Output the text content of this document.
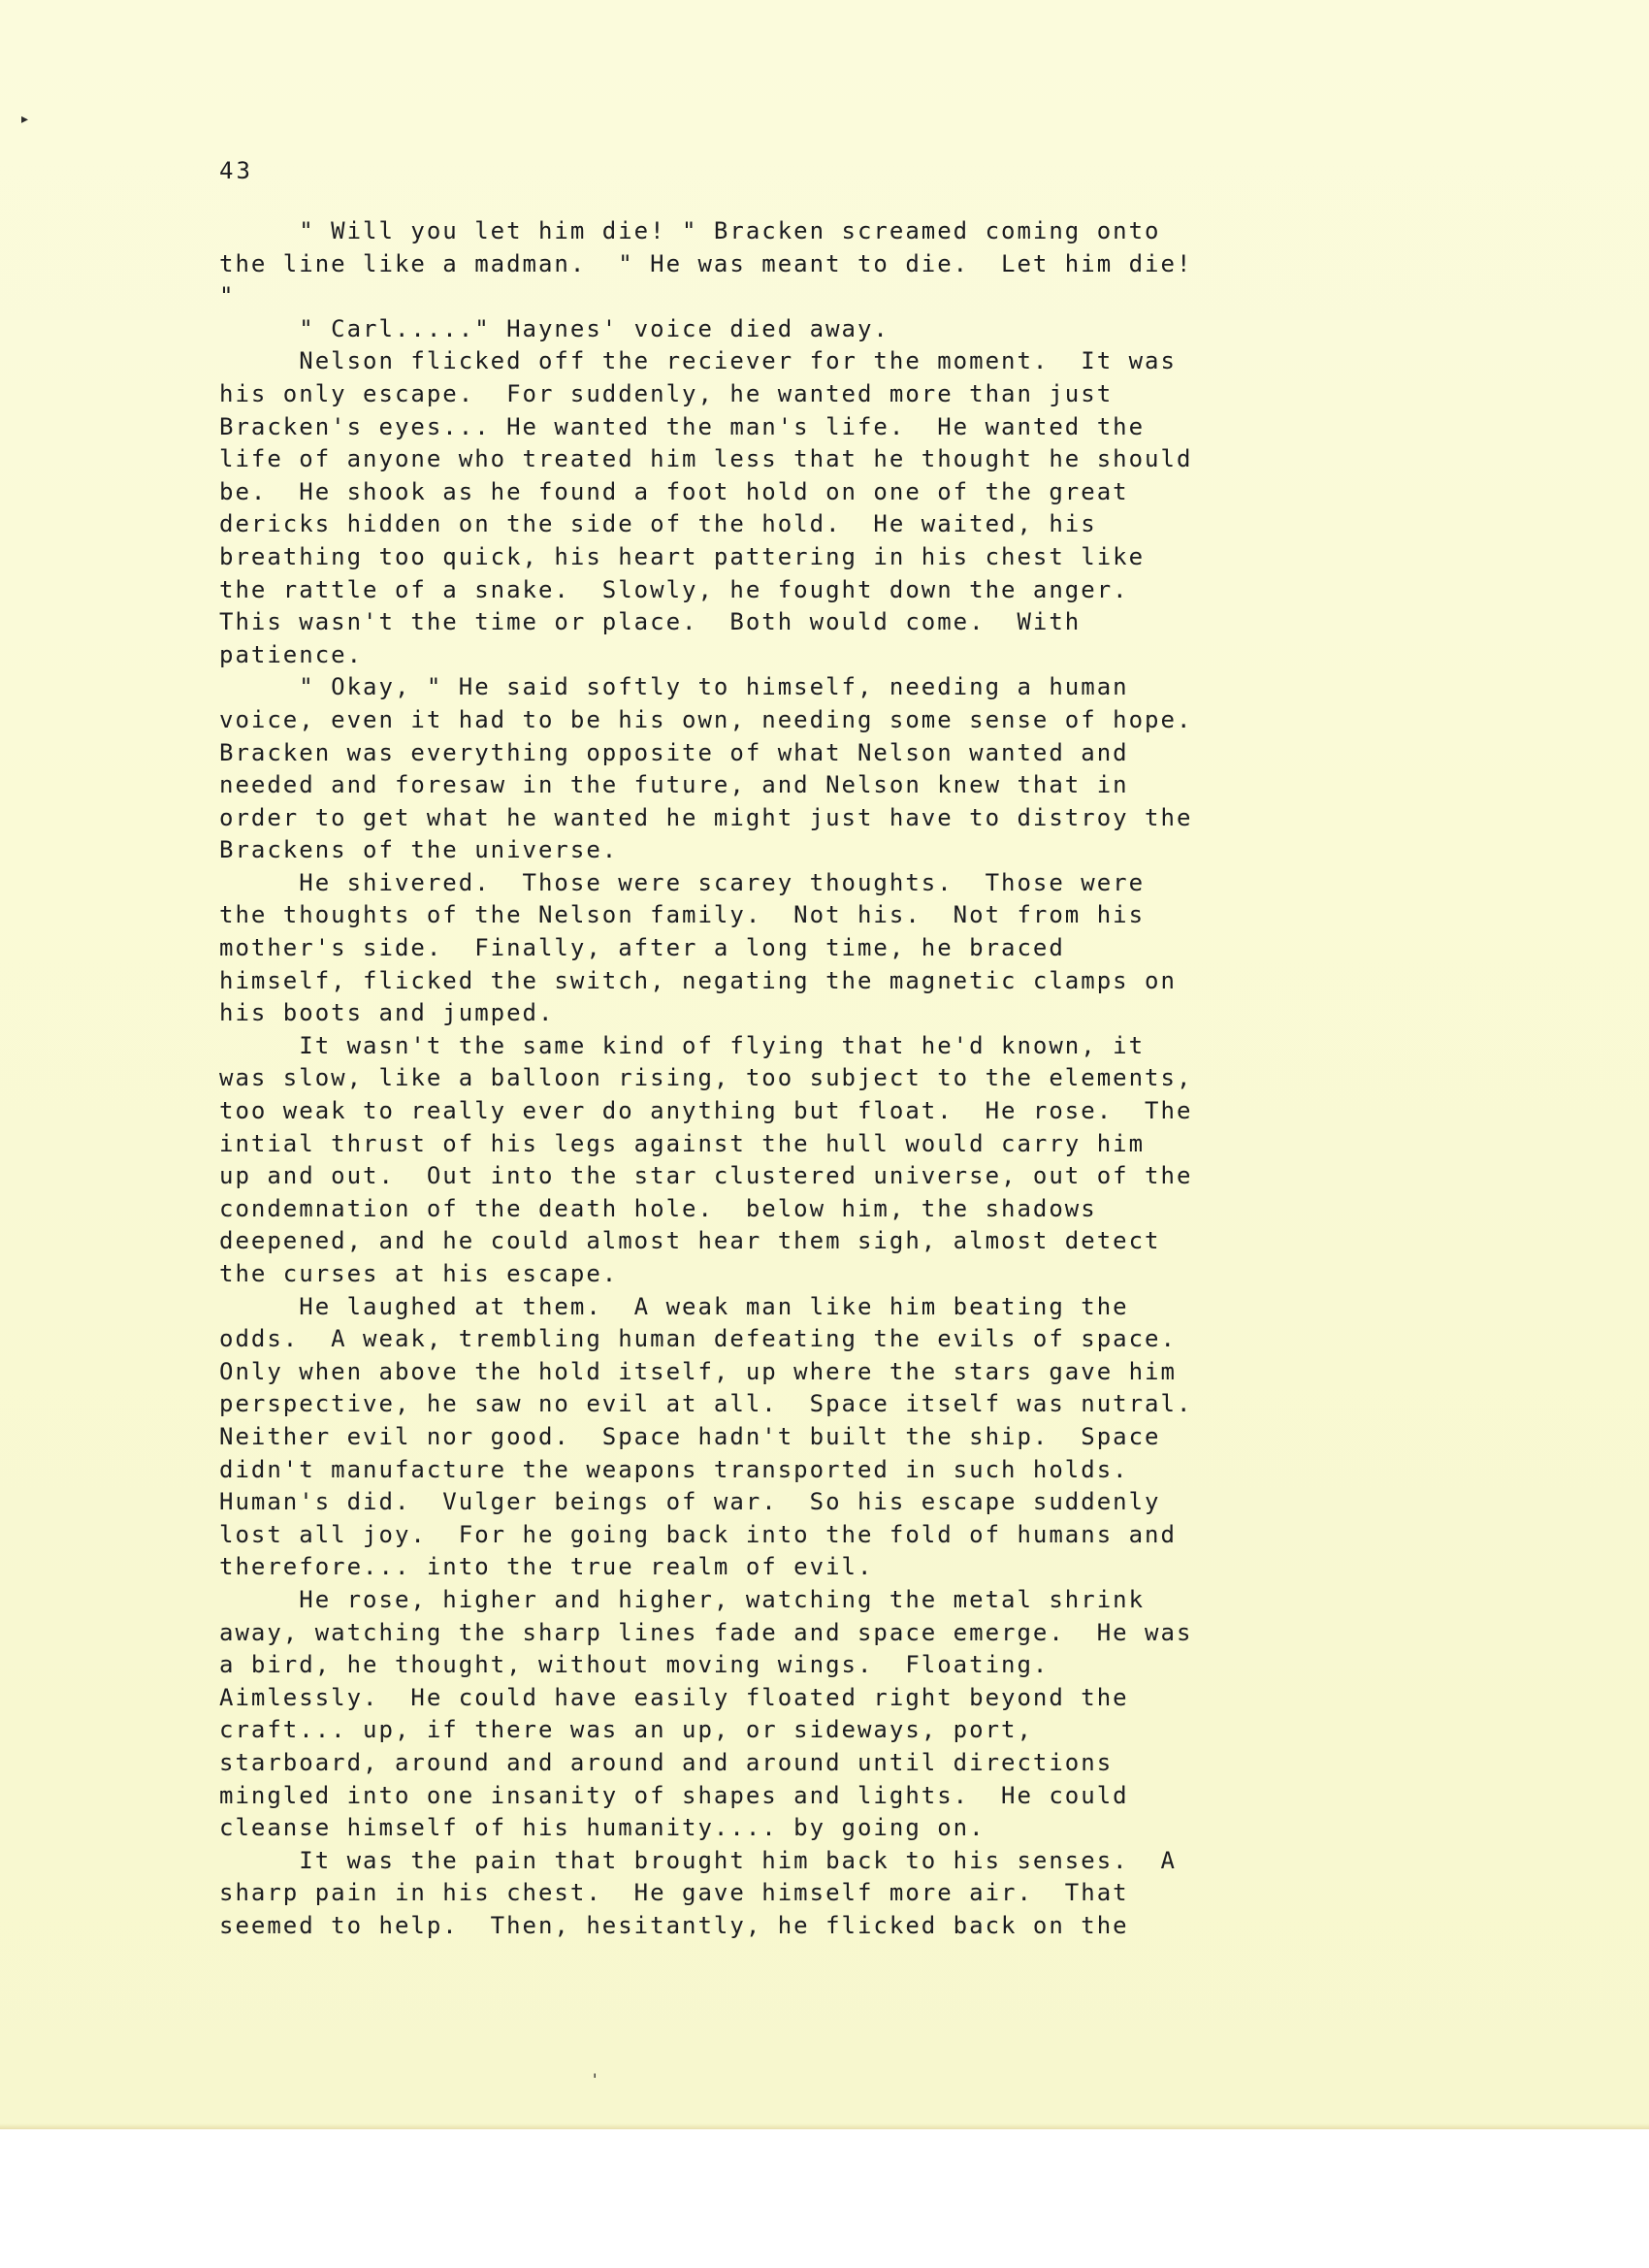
▸
43
" Will you let him die! " Bracken screamed coming onto
the line like a madman.  " He was meant to die.  Let him die!
"
" Carl....." Haynes' voice died away.
Nelson flicked off the reciever for the moment.  It was
his only escape.  For suddenly, he wanted more than just
Bracken's eyes... He wanted the man's life.  He wanted the
life of anyone who treated him less that he thought he should
be.  He shook as he found a foot hold on one of the great
dericks hidden on the side of the hold.  He waited, his
breathing too quick, his heart pattering in his chest like
the rattle of a snake.  Slowly, he fought down the anger.
This wasn't the time or place.  Both would come.  With
patience.
" Okay, " He said softly to himself, needing a human
voice, even it had to be his own, needing some sense of hope.
Bracken was everything opposite of what Nelson wanted and
needed and foresaw in the future, and Nelson knew that in
order to get what he wanted he might just have to distroy the
Brackens of the universe.
He shivered.  Those were scarey thoughts.  Those were
the thoughts of the Nelson family.  Not his.  Not from his
mother's side.  Finally, after a long time, he braced
himself, flicked the switch, negating the magnetic clamps on
his boots and jumped.
It wasn't the same kind of flying that he'd known, it
was slow, like a balloon rising, too subject to the elements,
too weak to really ever do anything but float.  He rose.  The
intial thrust of his legs against the hull would carry him
up and out.  Out into the star clustered universe, out of the
condemnation of the death hole.  below him, the shadows
deepened, and he could almost hear them sigh, almost detect
the curses at his escape.
He laughed at them.  A weak man like him beating the
odds.  A weak, trembling human defeating the evils of space.
Only when above the hold itself, up where the stars gave him
perspective, he saw no evil at all.  Space itself was nutral.
Neither evil nor good.  Space hadn't built the ship.  Space
didn't manufacture the weapons transported in such holds.
Human's did.  Vulger beings of war.  So his escape suddenly
lost all joy.  For he going back into the fold of humans and
therefore... into the true realm of evil.
He rose, higher and higher, watching the metal shrink
away, watching the sharp lines fade and space emerge.  He was
a bird, he thought, without moving wings.  Floating.
Aimlessly.  He could have easily floated right beyond the
craft... up, if there was an up, or sideways, port,
starboard, around and around and around until directions
mingled into one insanity of shapes and lights.  He could
cleanse himself of his humanity.... by going on.
It was the pain that brought him back to his senses.  A
sharp pain in his chest.  He gave himself more air.  That
seemed to help.  Then, hesitantly, he flicked back on the
'
